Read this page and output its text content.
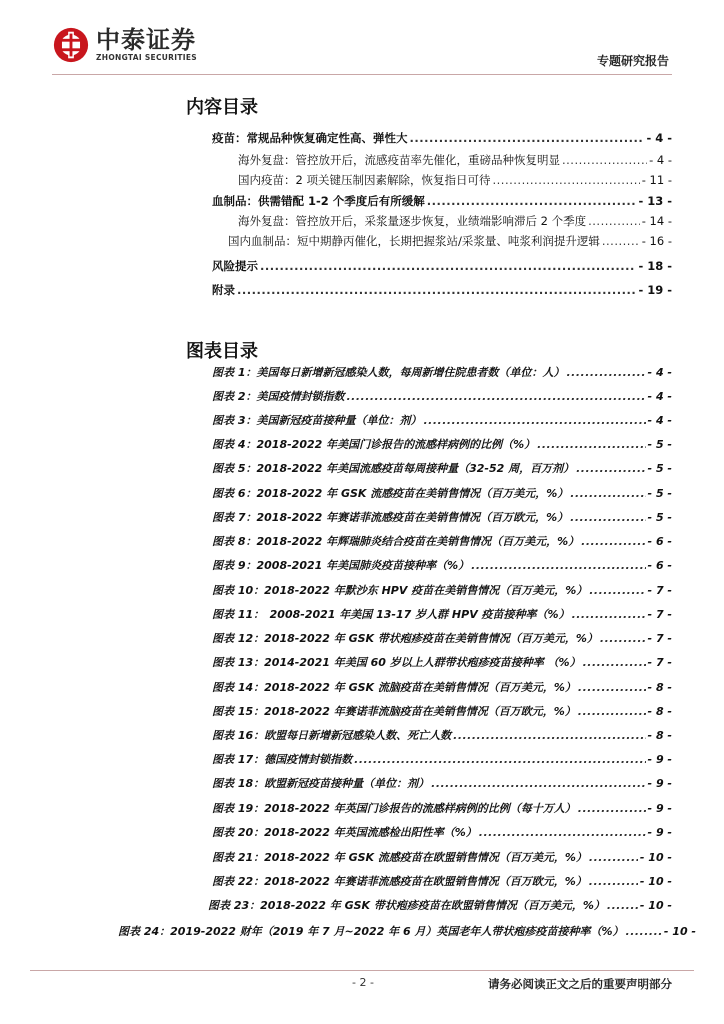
中泰证券
ZHONGTAI SECURITIES	专题研究报告
内容目录
疫苗：常规品种恢复确定性高、弹性大 .....	- 4 -
海外复盘：管控放开后，流感疫苗率先催化，重磅品种恢复明显 .....	- 4 -
国内疫苗：2 项关键压制因素解除，恢复指日可待 .....	- 11 -
血制品：供需错配 1-2 个季度后有所缓解 .....	- 13 -
海外复盘：管控放开后，采浆量逐步恢复，业绩端影响滞后 2 个季度 .....	- 14 -
国内血制品：短中期静丙催化，长期把握浆站/采浆量、吨浆利润提升逻辑 .....	- 16 -
风险提示 .....	- 18 -
附录 .....	- 19 -
图表目录
图表 1：美国每日新增新冠感染人数，每周新增住院患者数（单位：人） .....	- 4 -
图表 2：美国疫情封锁指数 .....	- 4 -
图表 3：美国新冠疫苗接种量（单位：剂） .....	- 4 -
图表 4：2018-2022 年美国门诊报告的流感样病例的比例（%） .....	- 5 -
图表 5：2018-2022 年美国流感疫苗每周接种量（32-52 周，百万剂） .....	- 5 -
图表 6：2018-2022 年 GSK 流感疫苗在美销售情况（百万美元，%） .....	- 5 -
图表 7：2018-2022 年赛诺菲流感疫苗在美销售情况（百万欧元，%） .....	- 5 -
图表 8：2018-2022 年辉瑞肺炎结合疫苗在美销售情况（百万美元，%） .....	- 6 -
图表 9：2008-2021 年美国肺炎疫苗接种率（%） .....	- 6 -
图表 10：2018-2022 年默沙东 HPV 疫苗在美销售情况（百万美元，%） .....	- 7 -
图表 11：　2008-2021 年美国 13-17 岁人群 HPV 疫苗接种率（%） .....	- 7 -
图表 12：2018-2022 年 GSK 带状疱疹疫苗在美销售情况（百万美元，%） .....	- 7 -
图表 13：2014-2021 年美国 60 岁以上人群带状疱疹疫苗接种率 （%） .....	- 7 -
图表 14：2018-2022 年 GSK 流脑疫苗在美销售情况（百万美元，%） .....	- 8 -
图表 15：2018-2022 年赛诺菲流脑疫苗在美销售情况（百万欧元，%） .....	- 8 -
图表 16：欧盟每日新增新冠感染人数、死亡人数 .....	- 8 -
图表 17：德国疫情封锁指数 .....	- 9 -
图表 18：欧盟新冠疫苗接种量（单位：剂） .....	- 9 -
图表 19：2018-2022 年英国门诊报告的流感样病例的比例（每十万人） .....	- 9 -
图表 20：2018-2022 年英国流感检出阳性率（%） .....	- 9 -
图表 21：2018-2022 年 GSK 流感疫苗在欧盟销售情况（百万美元，%） .....	- 10 -
图表 22：2018-2022 年赛诺菲流感疫苗在欧盟销售情况（百万欧元，%） .....	- 10 -
图表 23：2018-2022 年 GSK 带状疱疹疫苗在欧盟销售情况（百万美元，%） .....	- 10 -
图表 24：2019-2022 财年（2019 年 7 月~2022 年 6 月）英国老年人带状疱疹疫苗接种率（%） .....	- 10 -
- 2 -	请务必阅读正文之后的重要声明部分
